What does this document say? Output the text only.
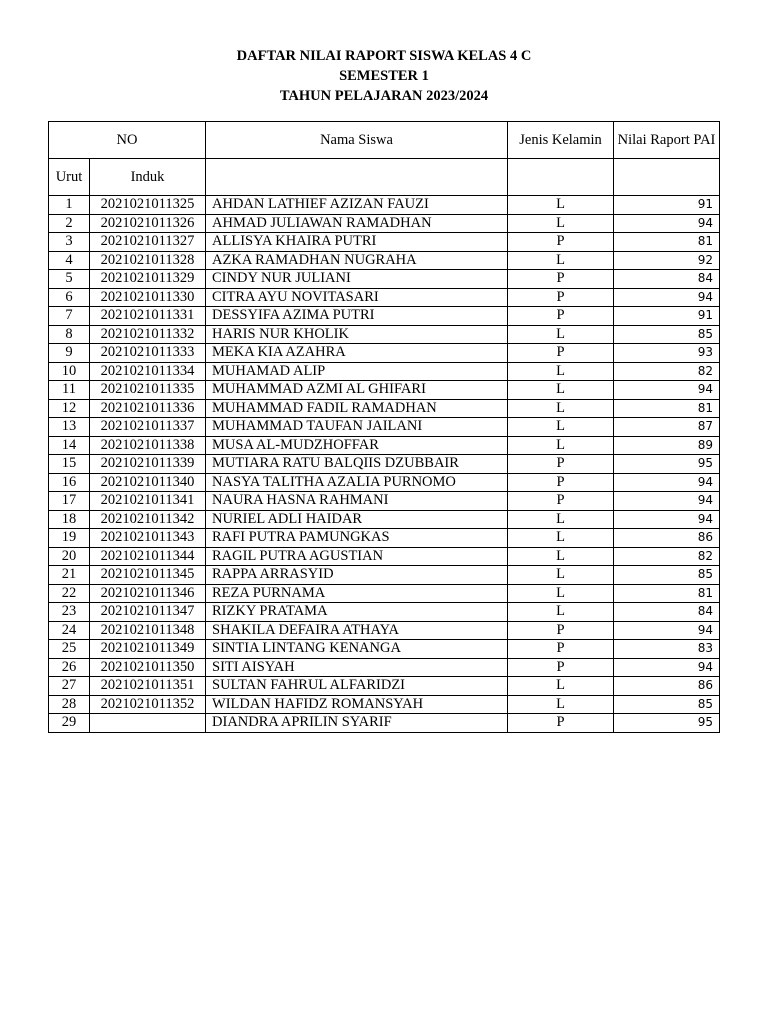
DAFTAR NILAI RAPORT SISWA KELAS 4 C
SEMESTER 1
TAHUN PELAJARAN 2023/2024
NO		Nama Siswa	Jenis Kelamin	Nilai Raport PAI
Urut	Induk			
1	2021021011325	AHDAN LATHIEF AZIZAN FAUZI	L	91
2	2021021011326	AHMAD JULIAWAN RAMADHAN	L	94
3	2021021011327	ALLISYA KHAIRA PUTRI	P	81
4	2021021011328	AZKA RAMADHAN NUGRAHA	L	92
5	2021021011329	CINDY NUR JULIANI	P	84
6	2021021011330	CITRA AYU NOVITASARI	P	94
7	2021021011331	DESSYIFA AZIMA PUTRI	P	91
8	2021021011332	HARIS NUR KHOLIK	L	85
9	2021021011333	MEKA KIA AZAHRA	P	93
10	2021021011334	MUHAMAD ALIP	L	82
11	2021021011335	MUHAMMAD AZMI AL GHIFARI	L	94
12	2021021011336	MUHAMMAD FADIL RAMADHAN	L	81
13	2021021011337	MUHAMMAD TAUFAN JAILANI	L	87
14	2021021011338	MUSA AL-MUDZHOFFAR	L	89
15	2021021011339	MUTIARA RATU BALQIIS DZUBBAIR	P	95
16	2021021011340	NASYA TALITHA AZALIA PURNOMO	P	94
17	2021021011341	NAURA HASNA RAHMANI	P	94
18	2021021011342	NURIEL ADLI HAIDAR	L	94
19	2021021011343	RAFI PUTRA PAMUNGKAS	L	86
20	2021021011344	RAGIL PUTRA AGUSTIAN	L	82
21	2021021011345	RAPPA ARRASYID	L	85
22	2021021011346	REZA PURNAMA	L	81
23	2021021011347	RIZKY PRATAMA	L	84
24	2021021011348	SHAKILA DEFAIRA ATHAYA	P	94
25	2021021011349	SINTIA LINTANG KENANGA	P	83
26	2021021011350	SITI AISYAH	P	94
27	2021021011351	SULTAN FAHRUL ALFARIDZI	L	86
28	2021021011352	WILDAN HAFIDZ ROMANSYAH	L	85
29		DIANDRA APRILIN SYARIF	P	95
